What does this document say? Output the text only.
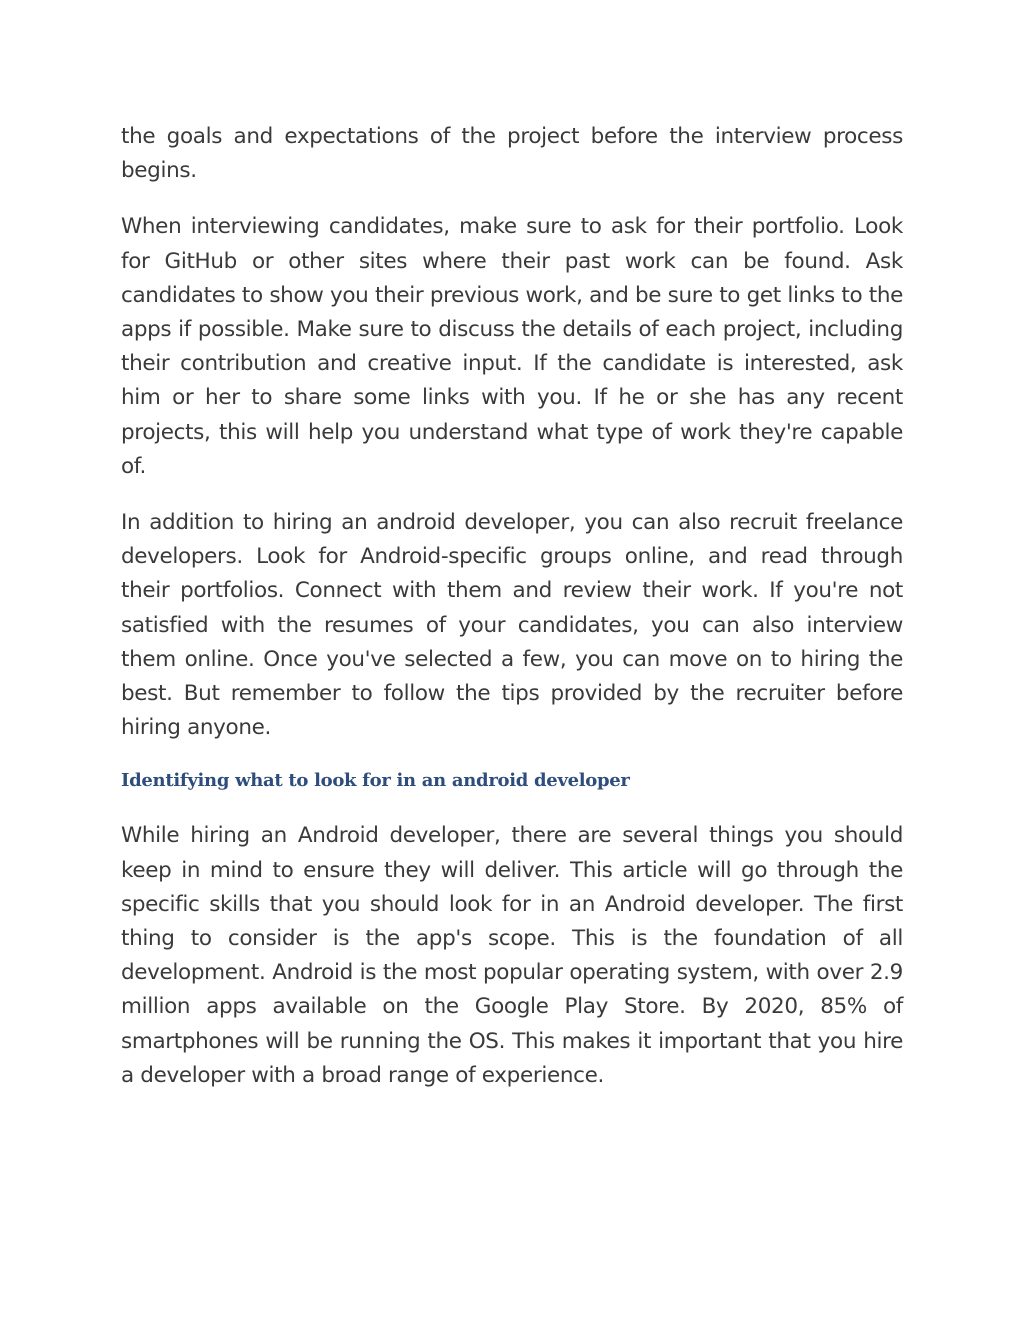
the goals and expectations of the project before the interview process begins.

When interviewing candidates, make sure to ask for their portfolio. Look for GitHub or other sites where their past work can be found. Ask candidates to show you their previous work, and be sure to get links to the apps if possible. Make sure to discuss the details of each project, including their contribution and creative input. If the candidate is interested, ask him or her to share some links with you. If he or she has any recent projects, this will help you understand what type of work they're capable of.

In addition to hiring an android developer, you can also recruit freelance developers. Look for Android-specific groups online, and read through their portfolios. Connect with them and review their work. If you're not satisfied with the resumes of your candidates, you can also interview them online. Once you've selected a few, you can move on to hiring the best. But remember to follow the tips provided by the recruiter before hiring anyone.

Identifying what to look for in an android developer

While hiring an Android developer, there are several things you should keep in mind to ensure they will deliver. This article will go through the specific skills that you should look for in an Android developer. The first thing to consider is the app's scope. This is the foundation of all development. Android is the most popular operating system, with over 2.9 million apps available on the Google Play Store. By 2020, 85% of smartphones will be running the OS. This makes it important that you hire a developer with a broad range of experience.
